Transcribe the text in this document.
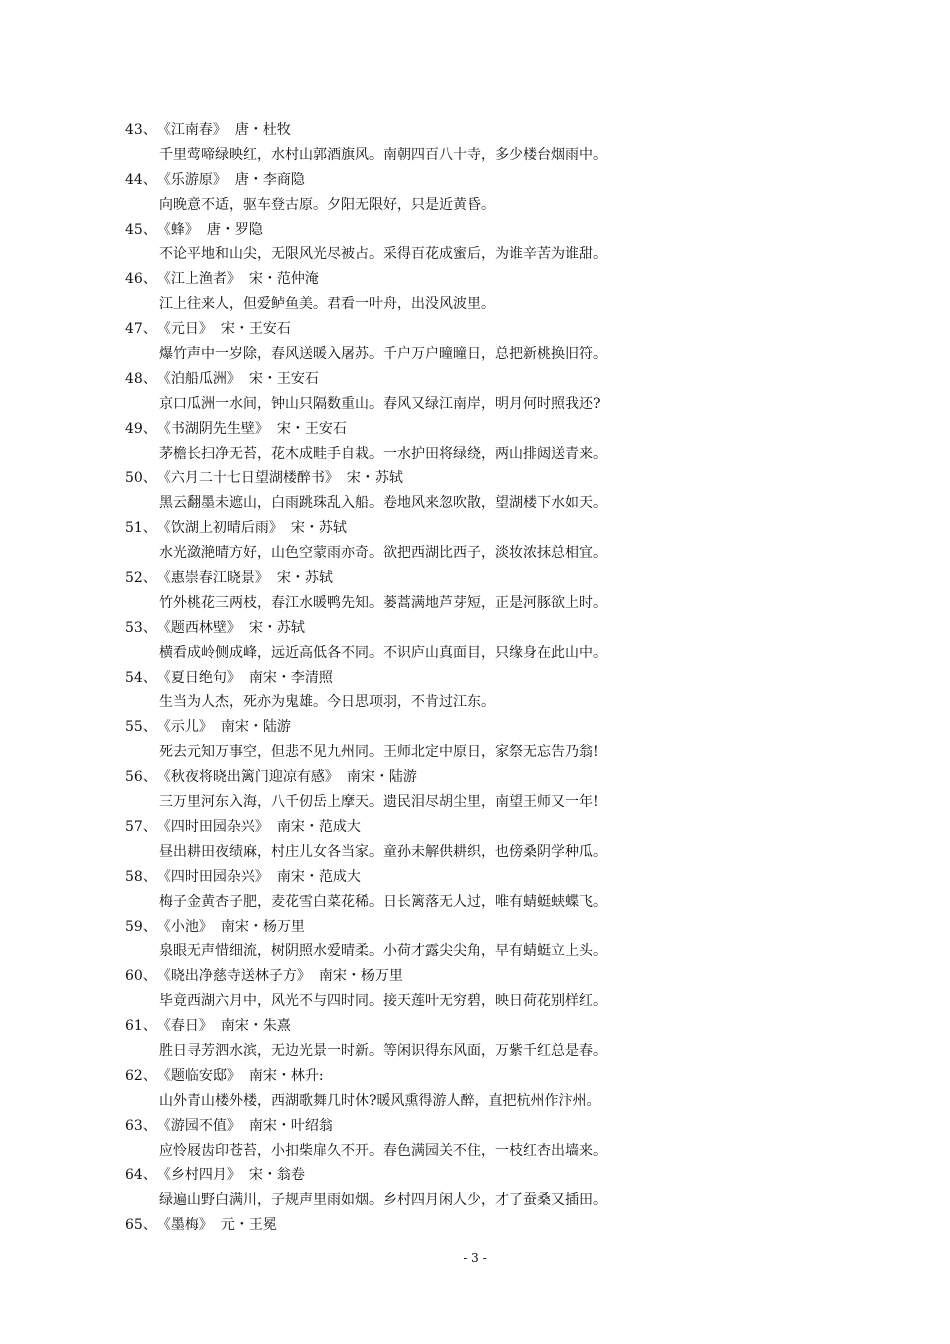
43、《江南春》 唐・杜牧
千里莺啼绿映红，水村山郭酒旗风。南朝四百八十寺，多少楼台烟雨中。
44、《乐游原》 唐・李商隐
向晚意不适，驱车登古原。夕阳无限好，只是近黄昏。
45、《蜂》 唐・罗隐
不论平地和山尖，无限风光尽被占。采得百花成蜜后，为谁辛苦为谁甜。
46、《江上渔者》 宋・范仲淹
江上往来人，但爱鲈鱼美。君看一叶舟，出没风波里。
47、《元日》 宋・王安石
爆竹声中一岁除，春风送暖入屠苏。千户万户曈曈日，总把新桃换旧符。
48、《泊船瓜洲》 宋・王安石
京口瓜洲一水间，钟山只隔数重山。春风又绿江南岸，明月何时照我还?
49、《书湖阴先生壁》 宋・王安石
茅檐长扫净无苔，花木成畦手自栽。一水护田将绿绕，两山排闼送青来。
50、《六月二十七日望湖楼醉书》 宋・苏轼
黑云翻墨未遮山，白雨跳珠乱入船。卷地风来忽吹散，望湖楼下水如天。
51、《饮湖上初晴后雨》 宋・苏轼
水光潋滟晴方好，山色空蒙雨亦奇。欲把西湖比西子，淡妆浓抹总相宜。
52、《惠崇春江晓景》 宋・苏轼
竹外桃花三两枝，春江水暖鸭先知。蒌蒿满地芦芽短，正是河豚欲上时。
53、《题西林壁》 宋・苏轼
横看成岭侧成峰，远近高低各不同。不识庐山真面目，只缘身在此山中。
54、《夏日绝句》 南宋・李清照
生当为人杰，死亦为鬼雄。今日思项羽，不肯过江东。
55、《示儿》 南宋・陆游
死去元知万事空，但悲不见九州同。王师北定中原日，家祭无忘告乃翁!
56、《秋夜将晓出篱门迎凉有感》 南宋・陆游
三万里河东入海，八千仞岳上摩天。遗民泪尽胡尘里，南望王师又一年!
57、《四时田园杂兴》 南宋・范成大
昼出耕田夜绩麻，村庄儿女各当家。童孙未解供耕织，也傍桑阴学种瓜。
58、《四时田园杂兴》 南宋・范成大
梅子金黄杏子肥，麦花雪白菜花稀。日长篱落无人过，唯有蜻蜓蛱蝶飞。
59、《小池》 南宋・杨万里
泉眼无声惜细流，树阴照水爱晴柔。小荷才露尖尖角，早有蜻蜓立上头。
60、《晓出净慈寺送林子方》 南宋・杨万里
毕竟西湖六月中，风光不与四时同。接天莲叶无穷碧，映日荷花别样红。
61、《春日》 南宋・朱熹
胜日寻芳泗水滨，无边光景一时新。等闲识得东风面，万紫千红总是春。
62、《题临安邸》 南宋・林升:
山外青山楼外楼，西湖歌舞几时休?暖风熏得游人醉，直把杭州作汴州。
63、《游园不值》 南宋・叶绍翁
应怜屐齿印苍苔，小扣柴扉久不开。春色满园关不住，一枝红杏出墙来。
64、《乡村四月》 宋・翁卷
绿遍山野白满川，子规声里雨如烟。乡村四月闲人少，才了蚕桑又插田。
65、《墨梅》 元・王冕
- 3 -
